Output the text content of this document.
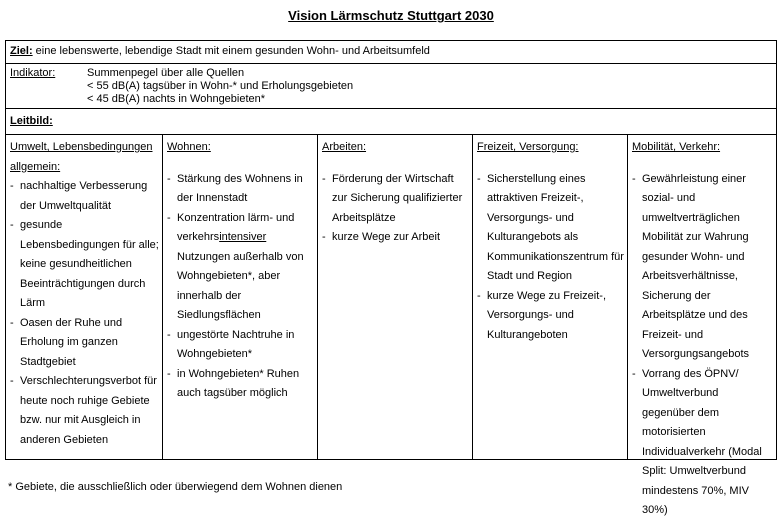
Vision Lärmschutz Stuttgart 2030
Ziel: eine lebenswerte, lebendige Stadt mit einem gesunden Wohn- und Arbeitsumfeld
Indikator:	Summenpegel über alle Quellen
< 55 dB(A) tagsüber in Wohn-* und Erholungsgebieten
< 45 dB(A) nachts in Wohngebieten*
Leitbild:
Umwelt, Lebensbedingungen allgemein:
- nachhaltige Verbesserung der Umweltqualität
- gesunde Lebensbedingungen für alle; keine gesundheitlichen Beeinträchtigungen durch Lärm
- Oasen der Ruhe und Erholung im ganzen Stadtgebiet
- Verschlechterungsverbot für heute noch ruhige Gebiete bzw. nur mit Ausgleich in anderen Gebieten
Wohnen:
- Stärkung des Wohnens in der Innenstadt
- Konzentration lärm- und verkehrsintensiver Nutzungen außerhalb von Wohngebieten*, aber innerhalb der Siedlungsflächen
- ungestörte Nachtruhe in Wohngebieten*
- in Wohngebieten* Ruhen auch tagsüber möglich
Arbeiten:
- Förderung der Wirtschaft zur Sicherung qualifizierter Arbeitsplätze
- kurze Wege zur Arbeit
Freizeit, Versorgung:
- Sicherstellung eines attraktiven Freizeit-, Versorgungs- und Kulturangebots als Kommunikationszentrum für Stadt und Region
- kurze Wege zu Freizeit-, Versorgungs- und Kulturangeboten
Mobilität, Verkehr:
- Gewährleistung einer sozial- und umweltverträglichen Mobilität zur Wahrung gesunder Wohn- und Arbeitsverhältnisse, Sicherung der Arbeitsplätze und des Freizeit- und Versorgungsangebots
- Vorrang des ÖPNV/ Umweltverbund gegenüber dem motorisierten Individualverkehr (Modal Split: Umweltverbund mindestens 70%, MIV 30%)
* Gebiete, die ausschließlich oder überwiegend dem Wohnen dienen
